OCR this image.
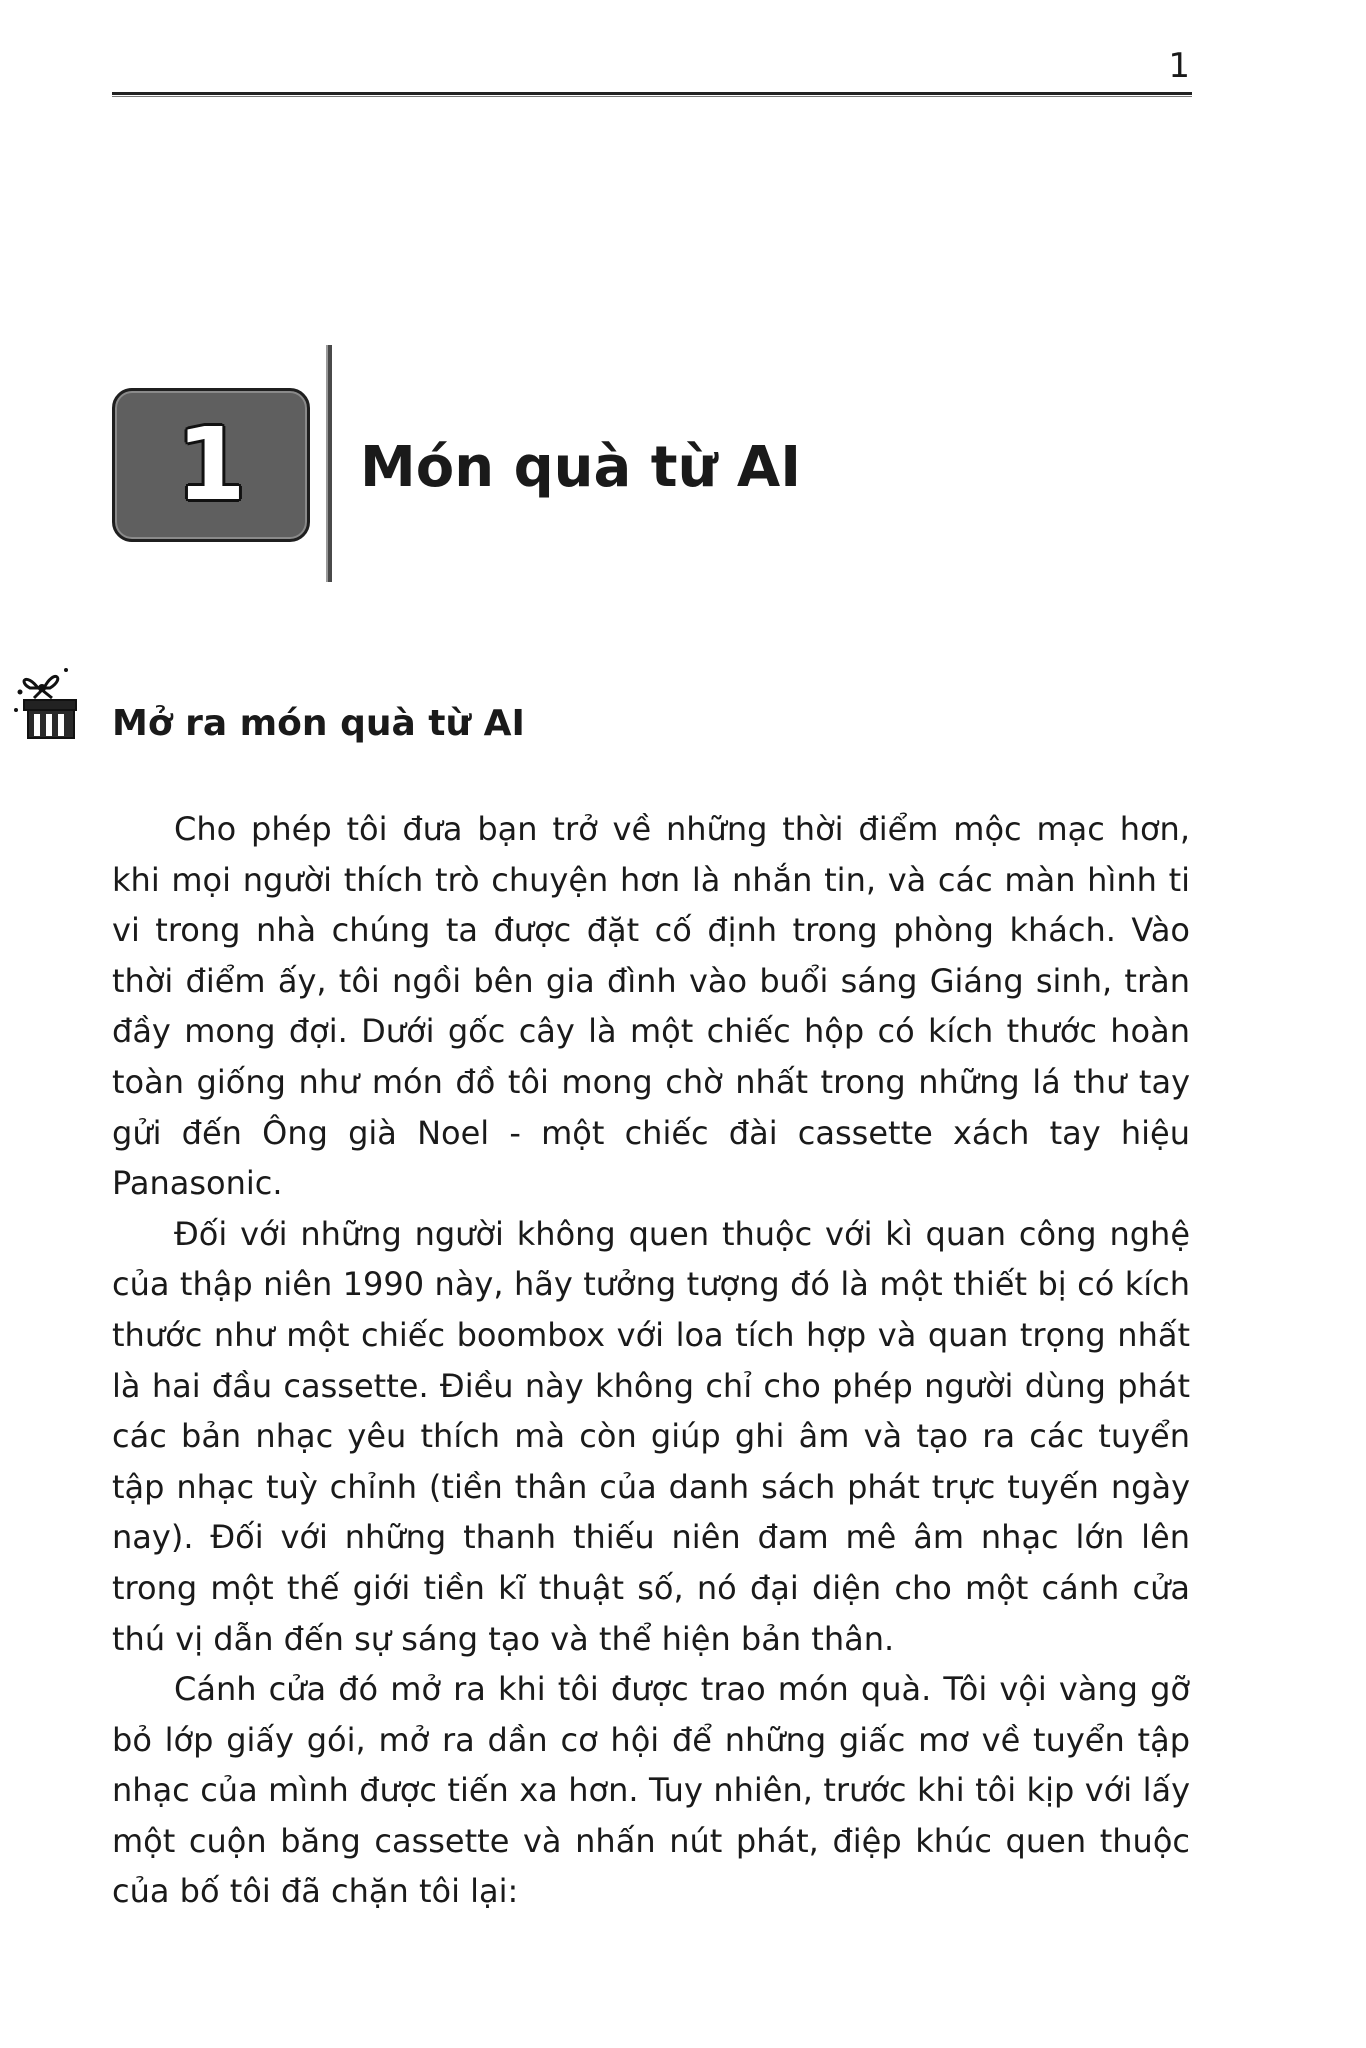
1
1	Món quà từ AI
Mở ra món quà từ AI

Cho phép tôi đưa bạn trở về những thời điểm mộc mạc hơn, khi mọi người thích trò chuyện hơn là nhắn tin, và các màn hình ti vi trong nhà chúng ta được đặt cố định trong phòng khách. Vào thời điểm ấy, tôi ngồi bên gia đình vào buổi sáng Giáng sinh, tràn đầy mong đợi. Dưới gốc cây là một chiếc hộp có kích thước hoàn toàn giống như món đồ tôi mong chờ nhất trong những lá thư tay gửi đến Ông già Noel - một chiếc đài cassette xách tay hiệu Panasonic.

Đối với những người không quen thuộc với kì quan công nghệ của thập niên 1990 này, hãy tưởng tượng đó là một thiết bị có kích thước như một chiếc boombox với loa tích hợp và quan trọng nhất là hai đầu cassette. Điều này không chỉ cho phép người dùng phát các bản nhạc yêu thích mà còn giúp ghi âm và tạo ra các tuyển tập nhạc tuỳ chỉnh (tiền thân của danh sách phát trực tuyến ngày nay). Đối với những thanh thiếu niên đam mê âm nhạc lớn lên trong một thế giới tiền kĩ thuật số, nó đại diện cho một cánh cửa thú vị dẫn đến sự sáng tạo và thể hiện bản thân.

Cánh cửa đó mở ra khi tôi được trao món quà. Tôi vội vàng gỡ bỏ lớp giấy gói, mở ra dần cơ hội để những giấc mơ về tuyển tập nhạc của mình được tiến xa hơn. Tuy nhiên, trước khi tôi kịp với lấy một cuộn băng cassette và nhấn nút phát, điệp khúc quen thuộc của bố tôi đã chặn tôi lại:
